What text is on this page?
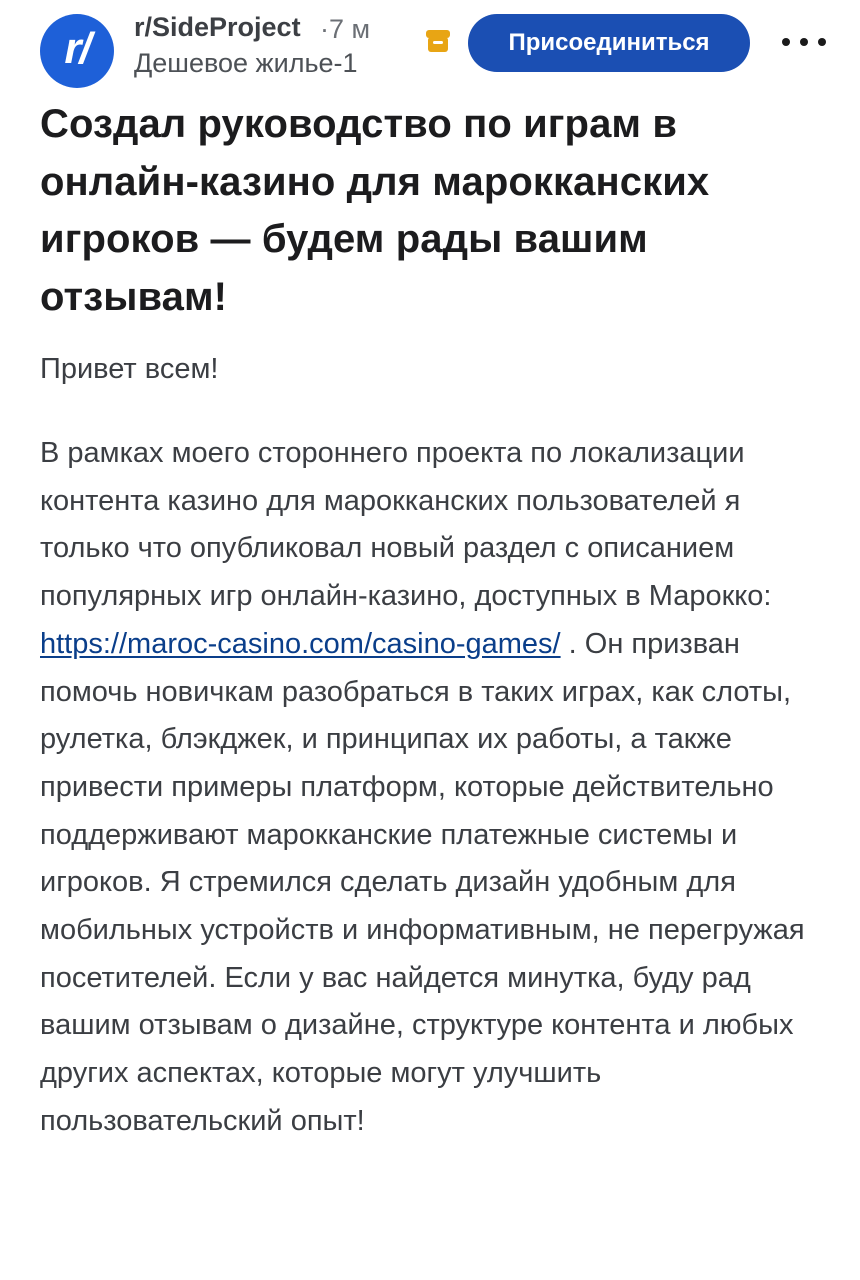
r/ r/SideProject ·7 м
Дешевое жилье-1
Присоединиться
Создал руководство по играм в онлайн-казино для марокканских игроков — будем рады вашим отзывам!

Привет всем!

В рамках моего стороннего проекта по локализации контента казино для марокканских пользователей я только что опубликовал новый раздел с описанием популярных игр онлайн-казино, доступных в Марокко: https://maroc-casino.com/casino-games/ . Он призван помочь новичкам разобраться в таких играх, как слоты, рулетка, блэкджек, и принципах их работы, а также привести примеры платформ, которые действительно поддерживают марокканские платежные системы и игроков. Я стремился сделать дизайн удобным для мобильных устройств и информативным, не перегружая посетителей. Если у вас найдется минутка, буду рад вашим отзывам о дизайне, структуре контента и любых других аспектах, которые могут улучшить пользовательский опыт!
